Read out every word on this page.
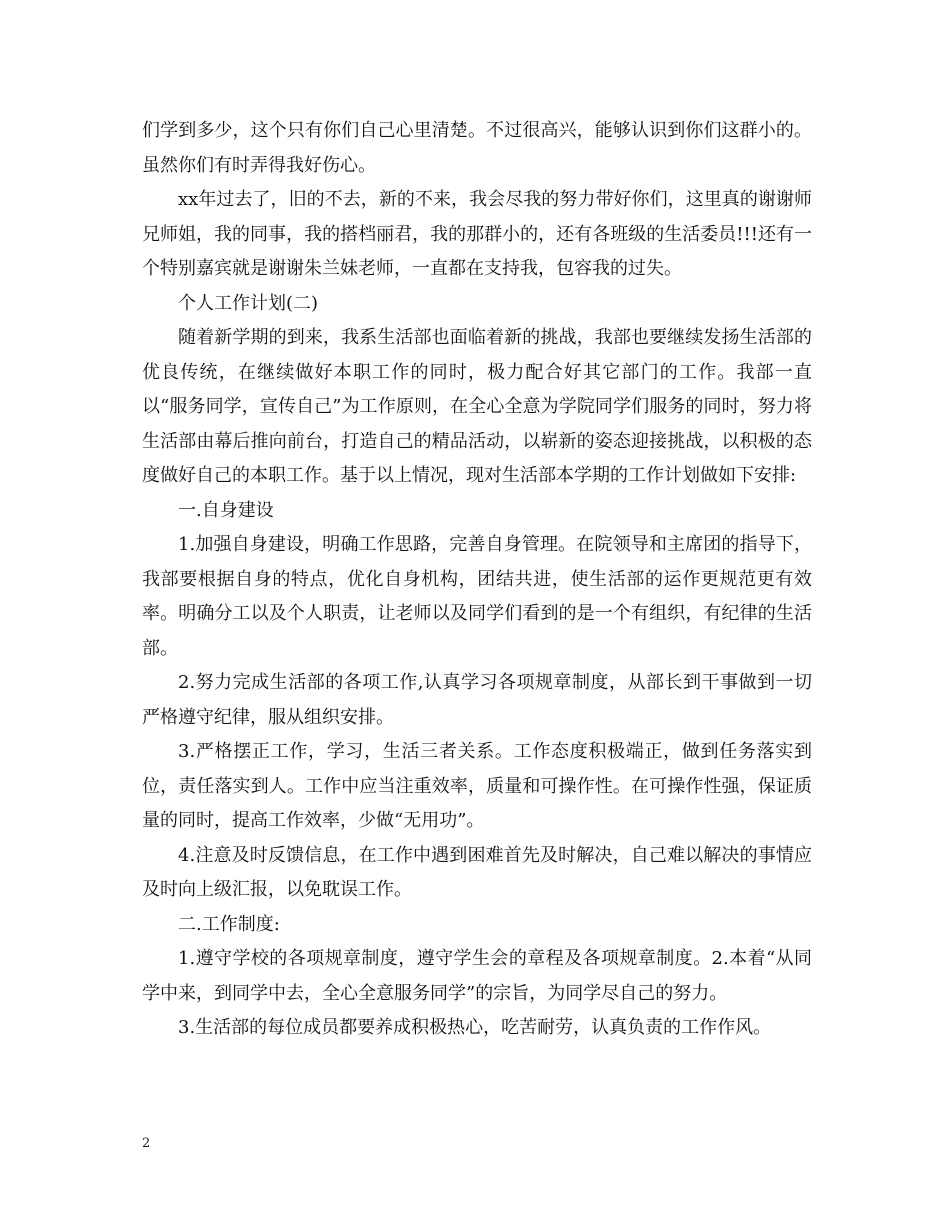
们学到多少，这个只有你们自己心里清楚。不过很高兴，能够认识到你们这群小的。虽然你们有时弄得我好伤心。

xx年过去了，旧的不去，新的不来，我会尽我的努力带好你们，这里真的谢谢师兄师姐，我的同事，我的搭档丽君，我的那群小的，还有各班级的生活委员!!!还有一个特别嘉宾就是谢谢朱兰妹老师，一直都在支持我，包容我的过失。

个人工作计划(二)

随着新学期的到来，我系生活部也面临着新的挑战，我部也要继续发扬生活部的优良传统，在继续做好本职工作的同时，极力配合好其它部门的工作。我部一直以“服务同学，宣传自己”为工作原则，在全心全意为学院同学们服务的同时，努力将生活部由幕后推向前台，打造自己的精品活动，以崭新的姿态迎接挑战，以积极的态度做好自己的本职工作。基于以上情况，现对生活部本学期的工作计划做如下安排:

一.自身建设

1.加强自身建设，明确工作思路，完善自身管理。在院领导和主席团的指导下，我部要根据自身的特点，优化自身机构，团结共进，使生活部的运作更规范更有效率。明确分工以及个人职责，让老师以及同学们看到的是一个有组织，有纪律的生活部。

2.努力完成生活部的各项工作,认真学习各项规章制度，从部长到干事做到一切严格遵守纪律，服从组织安排。

3.严格摆正工作，学习，生活三者关系。工作态度积极端正，做到任务落实到位，责任落实到人。工作中应当注重效率，质量和可操作性。在可操作性强，保证质量的同时，提高工作效率，少做“无用功”。

4.注意及时反馈信息，在工作中遇到困难首先及时解决，自己难以解决的事情应及时向上级汇报，以免耽误工作。

二.工作制度:

1.遵守学校的各项规章制度，遵守学生会的章程及各项规章制度。2.本着“从同学中来，到同学中去，全心全意服务同学”的宗旨，为同学尽自己的努力。

3.生活部的每位成员都要养成积极热心，吃苦耐劳，认真负责的工作作风。

2
